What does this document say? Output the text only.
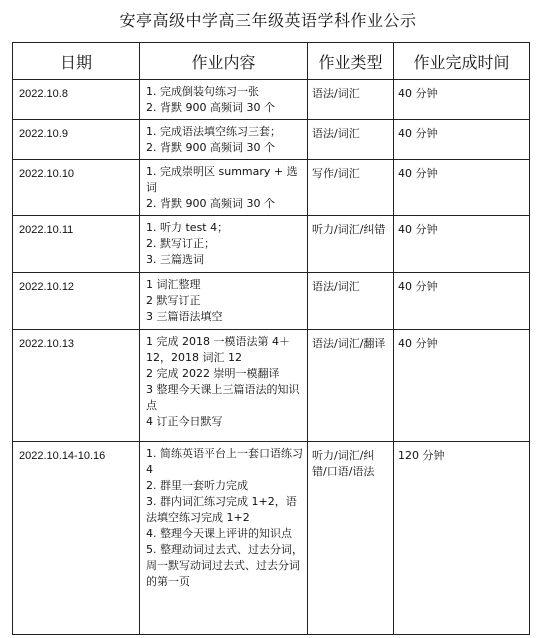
安亭高级中学高三年级英语学科作业公示
日期	作业内容	作业类型	作业完成时间
2022.10.8	1. 完成倒装句练习一张
2. 背默 900 高频词 30 个	语法/词汇	40 分钟
2022.10.9	1. 完成语法填空练习三套；
2. 背默 900 高频词 30 个	语法/词汇	40 分钟
2022.10.10	1. 完成崇明区 summary + 选词
2. 背默 900 高频词 30 个	写作/词汇	40 分钟
2022.10.11	1. 听力 test 4；
2. 默写订正；
3. 三篇选词	听力/词汇/纠错	40 分钟
2022.10.12	1 词汇整理
2 默写订正
3 三篇语法填空	语法/词汇	40 分钟
2022.10.13	1 完成 2018 一模语法第 4＋12，2018 词汇 12
2 完成 2022 崇明一模翻译
3 整理今天课上三篇语法的知识点
4 订正今日默写	语法/词汇/翻译	40 分钟
2022.10.14-10.16	1. 简练英语平台上一套口语练习 4
2. 群里一套听力完成
3. 群内词汇练习完成 1+2，语法填空练习完成 1+2
4. 整理今天课上评讲的知识点
5. 整理动词过去式、过去分词，周一默写动词过去式、过去分词的第一页	听力/词汇/纠错/口语/语法	120 分钟
